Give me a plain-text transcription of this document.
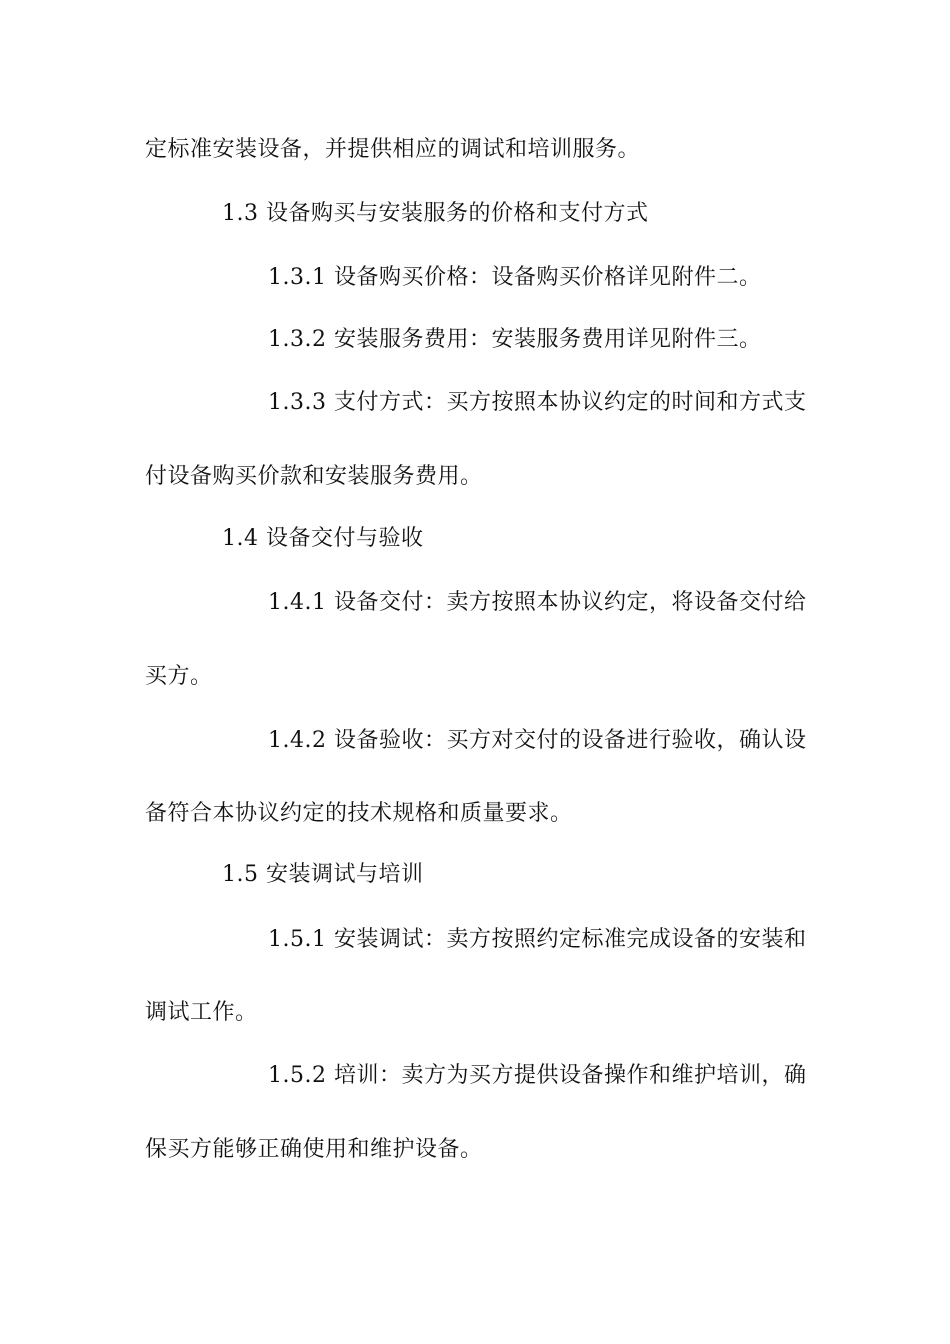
定标准安装设备，并提供相应的调试和培训服务。
1.3 设备购买与安装服务的价格和支付方式
1.3.1 设备购买价格：设备购买价格详见附件二。
1.3.2 安装服务费用：安装服务费用详见附件三。
1.3.3 支付方式：买方按照本协议约定的时间和方式支
付设备购买价款和安装服务费用。
1.4 设备交付与验收
1.4.1 设备交付：卖方按照本协议约定，将设备交付给
买方。
1.4.2 设备验收：买方对交付的设备进行验收，确认设
备符合本协议约定的技术规格和质量要求。
1.5 安装调试与培训
1.5.1 安装调试：卖方按照约定标准完成设备的安装和
调试工作。
1.5.2 培训：卖方为买方提供设备操作和维护培训，确
保买方能够正确使用和维护设备。
